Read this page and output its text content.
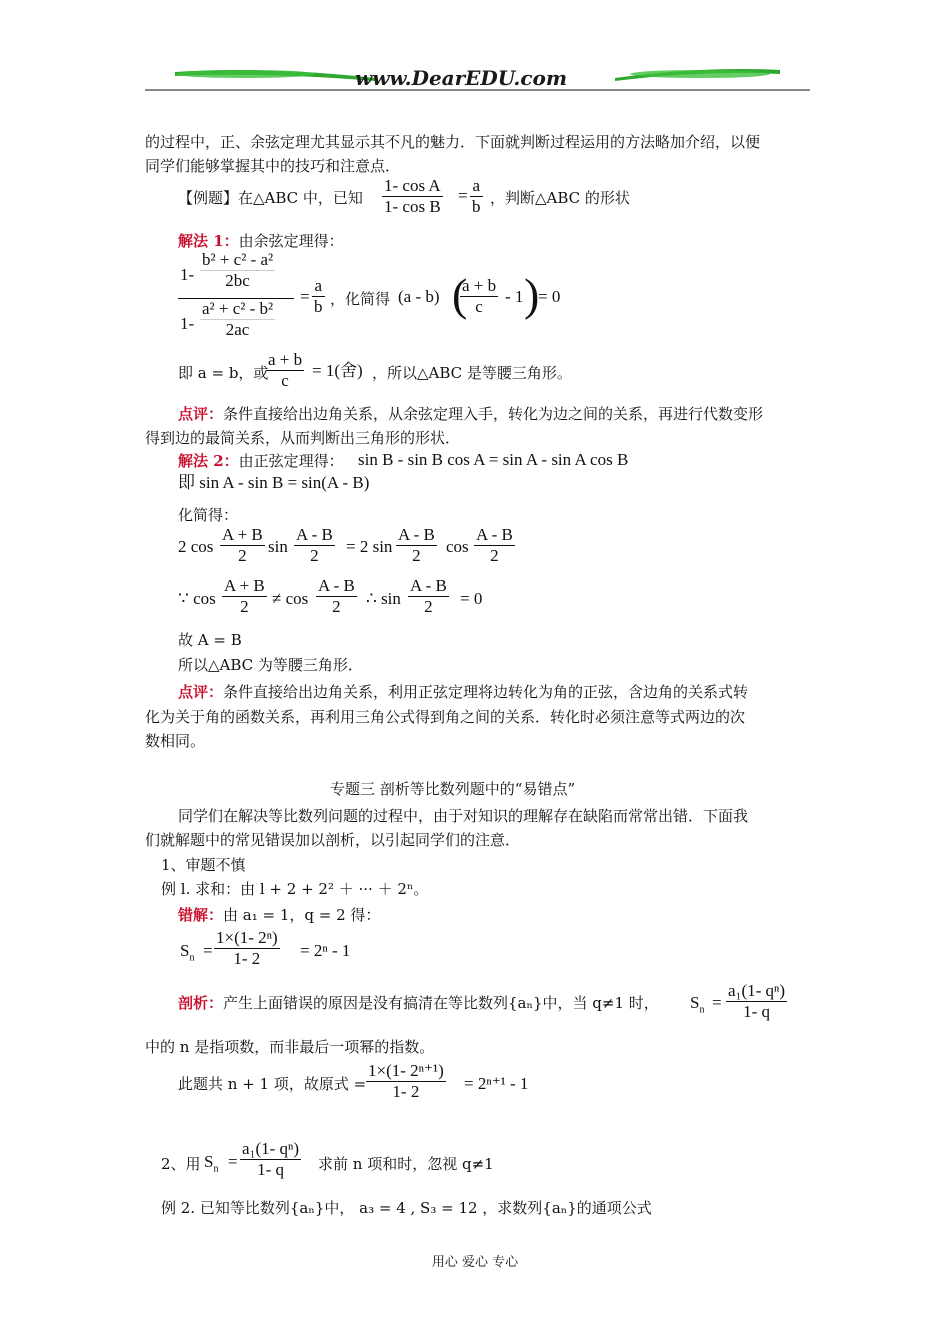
www.DearEDU.com
的过程中，正、余弦定理尤其显示其不凡的魅力．下面就判断过程运用的方法略加介绍，以便
同学们能够掌握其中的技巧和注意点．
【例题】在△ABC 中，已知 $\frac{\text{1- cos A}}{\text{1- cos B}} = \frac{a}{b}$ ，判断△ABC 的形状
解法 1：由余弦定理得：
$1- \frac{\text{b² + c² - a²}}{2bc}$
$1- \frac{\text{a² + c² - b²}}{2ac}$
= $\frac{a}{b}$ ，化简得 (a - b) (
$\frac{a + b}{c} - 1$ )
= 0
即 a = b，或
$\frac{a + b}{c} = 1$(舍) ，所以△ABC 是等腰三角形。
点评：条件直接给出边角关系，从余弦定理入手，转化为边之间的关系，再进行代数变形
得到边的最简关系，从而判断出三角形的形状．
解法 2：由正弦定理得： sin B - sin B cos A = sin A - sin A cos B
即 sin A - sin B = sin(A - B)
化简得：
2 $\cos \frac{A + B}{2}$ $\sin \frac{A - B}{2} = 2$ $\sin \frac{A - B}{2}$ $\cos \frac{A - B}{2}$
∵ $\cos \frac{A + B}{2} \ne \cos \frac{A - B}{2}$ ∴ $\sin \frac{A - B}{2} = 0$
故 A = B
所以△ABC 为等腰三角形．
点评：条件直接给出边角关系，利用正弦定理将边转化为角的正弦，含边角的关系式转
化为关于角的函数关系，再利用三角公式得到角之间的关系．转化时必须注意等式两边的次
数相同。
专题三 剖析等比数列题中的“易错点”
同学们在解决等比数列问题的过程中，由于对知识的理解存在缺陷而常常出错．下面我
们就解题中的常见错误加以剖析，以引起同学们的注意．
1、审题不慎
例 l. 求和：由 l + 2 + 2² ＋ ··· ＋ 2ⁿ。
错解：由 a₁ = 1，q = 2 得：
$S_n = \frac{\text{1×(1- 2ⁿ)}}{1- 2} = 2^n - 1$
剖析：产生上面错误的原因是没有搞清在等比数列{aₙ}中，当 q≠1 时， $S_n = \frac{\text{a₁(1- qⁿ)}}{1- q}$
中的 n 是指项数，而非最后一项幂的指数。
此题共 n + 1 项，故原式 = $\frac{\text{1×(1- 2ⁿ⁺¹)}}{1- 2} = 2^{n+1} - 1$
2、用 $S_n = \frac{\text{a₁(1- qⁿ)}}{1- q}$ 求前 n 项和时，忽视 q≠1
例 2. 已知等比数列{aₙ}中， a₃ = 4 , S₃ = 12 ，求数列{aₙ}的通项公式
用心 爱心 专心
